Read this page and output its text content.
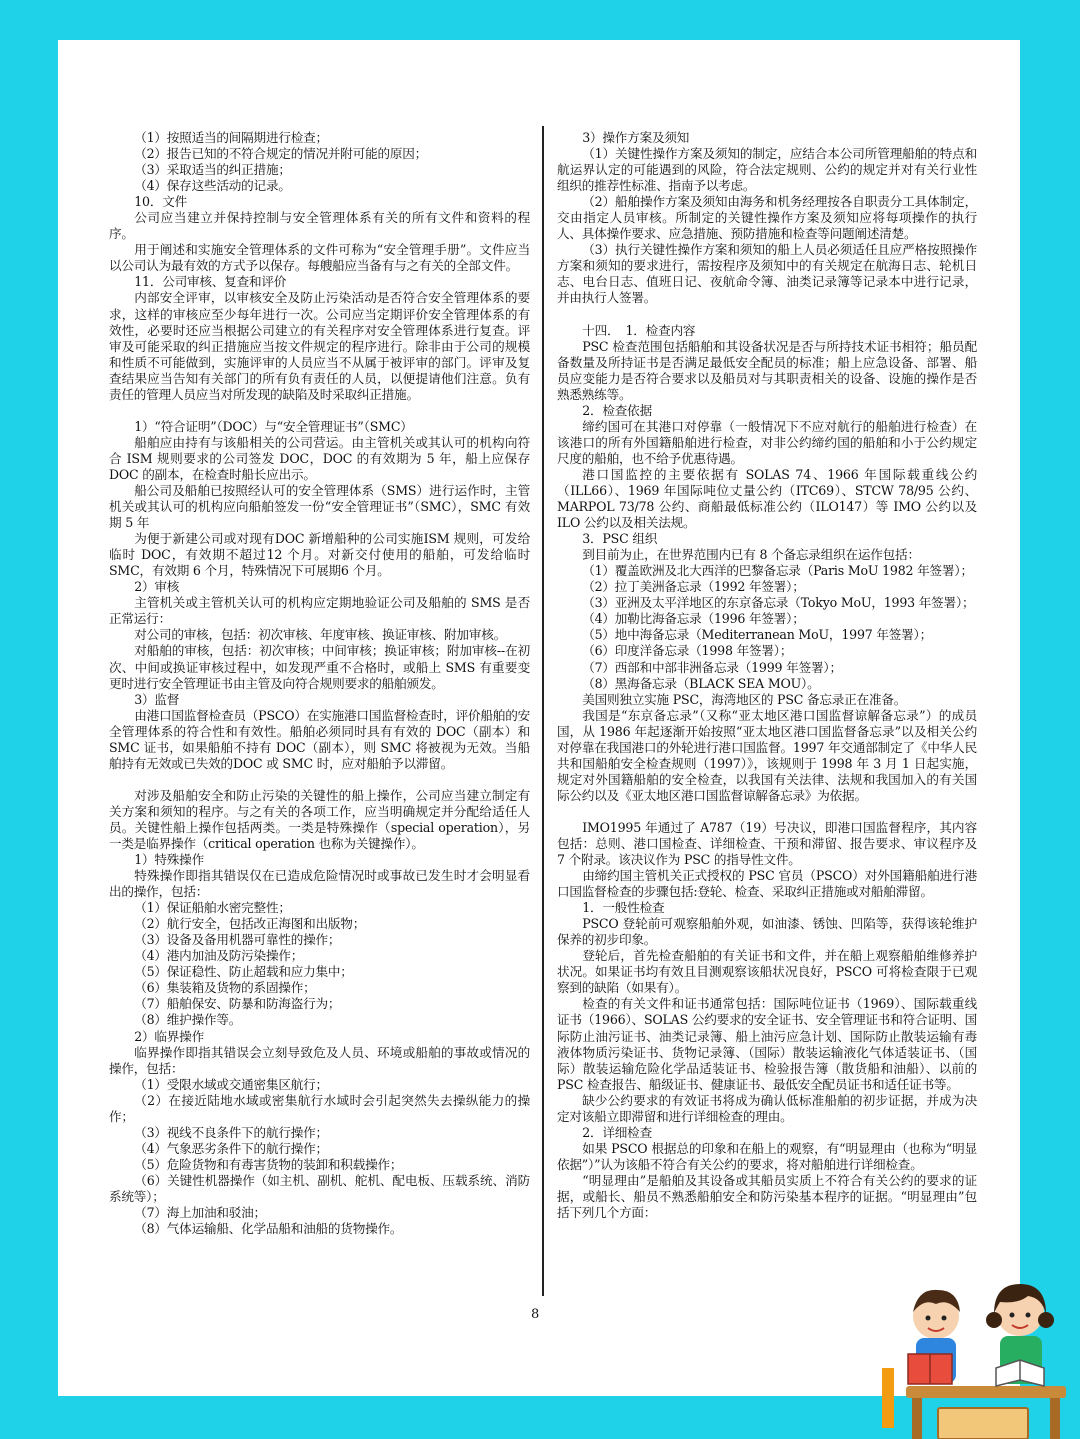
（1）按照适当的间隔期进行检查；

（2）报告已知的不符合规定的情况并附可能的原因；

（3）采取适当的纠正措施；

（4）保存这些活动的记录。

10．文件

公司应当建立并保持控制与安全管理体系有关的所有文件和资料的程序。

用于阐述和实施安全管理体系的文件可称为“安全管理手册”。文件应当以公司认为最有效的方式予以保存。每艘船应当备有与之有关的全部文件。

11．公司审核、复查和评价

内部安全评审，以审核安全及防止污染活动是否符合安全管理体系的要求，这样的审核应至少每年进行一次。公司应当定期评价安全管理体系的有效性，必要时还应当根据公司建立的有关程序对安全管理体系进行复查。评审及可能采取的纠正措施应当按文件规定的程序进行。除非由于公司的规模和性质不可能做到，实施评审的人员应当不从属于被评审的部门。评审及复查结果应当告知有关部门的所有负有责任的人员，以便提请他们注意。负有责任的管理人员应当对所发现的缺陷及时采取纠正措施。

1）“符合证明”（DOC）与“安全管理证书”（SMC）

船舶应由持有与该船相关的公司营运。由主管机关或其认可的机构向符合 ISM 规则要求的公司签发 DOC，DOC 的有效期为 5 年，船上应保存 DOC 的副本，在检查时船长应出示。

船公司及船舶已按照经认可的安全管理体系（SMS）进行运作时，主管机关或其认可的机构应向船舶签发一份“安全管理证书”（SMC），SMC 有效期 5 年

为便于新建公司或对现有DOC 新增船种的公司实施ISM 规则，可发给临时 DOC，有效期不超过12 个月。对新交付使用的船舶，可发给临时 SMC，有效期 6 个月，特殊情况下可展期6 个月。

2）审核

主管机关或主管机关认可的机构应定期地验证公司及船舶的 SMS 是否正常运行：

对公司的审核，包括：初次审核、年度审核、换证审核、附加审核。

对船舶的审核，包括：初次审核；中间审核；换证审核；附加审核--在初次、中间或换证审核过程中，如发现严重不合格时，或船上 SMS 有重要变更时进行安全管理证书由主管及向符合规则要求的船舶颁发。

3）监督

由港口国监督检查员（PSCO）在实施港口国监督检查时，评价船舶的安全管理体系的符合性和有效性。船舶必须同时具有有效的 DOC（副本）和 SMC 证书，如果船舶不持有 DOC（副本），则 SMC 将被视为无效。当船舶持有无效或已失效的DOC 或 SMC 时，应对船舶予以滞留。

对涉及船舶安全和防止污染的关键性的船上操作，公司应当建立制定有关方案和须知的程序。与之有关的各项工作，应当明确规定并分配给适任人员。关键性船上操作包括两类。一类是特殊操作（special operation），另一类是临界操作（critical operation 也称为关键操作）。

1）特殊操作

特殊操作即指其错误仅在已造成危险情况时或事故已发生时才会明显看出的操作，包括：

（1）保证船舶水密完整性；

（2）航行安全，包括改正海图和出版物；

（3）设备及备用机器可靠性的操作；

（4）港内加油及防污染操作；

（5）保证稳性、防止超载和应力集中；

（6）集装箱及货物的系固操作；

（7）船舶保安、防暴和防海盗行为；

（8）维护操作等。

2）临界操作

临界操作即指其错误会立刻导致危及人员、环境或船舶的事故或情况的操作，包括：

（1）受限水域或交通密集区航行；

（2）在接近陆地水域或密集航行水域时会引起突然失去操纵能力的操作；

（3）视线不良条件下的航行操作；

（4）气象恶劣条件下的航行操作；

（5）危险货物和有毒害货物的装卸和积载操作；

（6）关键性机器操作（如主机、副机、舵机、配电板、压载系统、消防系统等）；

（7）海上加油和驳油；

（8）气体运输船、化学品船和油船的货物操作。

3）操作方案及须知

（1）关键性操作方案及须知的制定，应结合本公司所管理船舶的特点和航运界认定的可能遇到的风险，符合法定规则、公约的规定并对有关行业性组织的推荐性标准、指南予以考虑。

（2）船舶操作方案及须知由海务和机务经理按各自职责分工具体制定，交由指定人员审核。所制定的关键性操作方案及须知应将每项操作的执行人、具体操作要求、应急措施、预防措施和检查等问题阐述清楚。

（3）执行关键性操作方案和须知的船上人员必须适任且应严格按照操作方案和须知的要求进行，需按程序及须知中的有关规定在航海日志、轮机日志、电台日志、值班日记、夜航命令簿、油类记录簿等记录本中进行记录，并由执行人签署。

十四．　1．检查内容

PSC 检查范围包括船舶和其设备状况是否与所持技术证书相符；船员配备数量及所持证书是否满足最低安全配员的标准；船上应急设备、部署、船员应变能力是否符合要求以及船员对与其职责相关的设备、设施的操作是否熟悉熟练等。

2．检查依据

缔约国可在其港口对停靠（一般情况下不应对航行的船舶进行检查）在该港口的所有外国籍船舶进行检查，对非公约缔约国的船舶和小于公约规定尺度的船舶，也不给予优惠待遇。

港口国监控的主要依据有 SOLAS 74、1966 年国际载重线公约（ILL66）、1969 年国际吨位丈量公约（ITC69）、STCW 78/95 公约、MARPOL 73/78 公约、商船最低标准公约（ILO147）等 IMO 公约以及 ILO 公约以及相关法规。

3．PSC 组织

到目前为止，在世界范围内已有 8 个备忘录组织在运作包括：

（1）覆盖欧洲及北大西洋的巴黎备忘录（Paris MoU 1982 年签署）；

（2）拉丁美洲备忘录（1992 年签署）；

（3）亚洲及太平洋地区的东京备忘录（Tokyo MoU，1993 年签署）；

（4）加勒比海备忘录（1996 年签署）；

（5）地中海备忘录（Mediterranean MoU，1997 年签署）；

（6）印度洋备忘录（1998 年签署）；

（7）西部和中部非洲备忘录（1999 年签署）；

（8）黑海备忘录（BLACK SEA MOU）。

美国则独立实施 PSC，海湾地区的 PSC 备忘录正在准备。

我国是“东京备忘录”（又称“亚太地区港口国监督谅解备忘录”）的成员国，从 1986 年起逐渐开始按照“亚太地区港口国监督备忘录”以及相关公约对停靠在我国港口的外轮进行港口国监督。1997 年交通部制定了《中华人民共和国船舶安全检查规则（1997）》，该规则于 1998 年 3 月 1 日起实施，规定对外国籍船舶的安全检查，以我国有关法律、法规和我国加入的有关国际公约以及《亚太地区港口国监督谅解备忘录》为依据。

IMO1995 年通过了 A787（19）号决议，即港口国监督程序，其内容包括：总则、港口国检查、详细检查、干预和滞留、报告要求、审议程序及 7 个附录。该决议作为 PSC 的指导性文件。

由缔约国主管机关正式授权的 PSC 官员（PSCO）对外国籍船舶进行港口国监督检查的步骤包括:登轮、检查、采取纠正措施或对船舶滞留。

1．一般性检查

PSCO 登轮前可观察船舶外观，如油漆、锈蚀、凹陷等，获得该轮维护保养的初步印象。

登轮后，首先检查船舶的有关证书和文件，并在船上观察船舶维修养护状况。如果证书均有效且目测观察该船状况良好，PSCO 可将检查限于已观察到的缺陷（如果有）。

检查的有关文件和证书通常包括：国际吨位证书（1969）、国际载重线证书（1966）、SOLAS 公约要求的安全证书、安全管理证书和符合证明、国际防止油污证书、油类记录簿、船上油污应急计划、国际防止散装运输有毒液体物质污染证书、货物记录簿、（国际）散装运输液化气体适装证书、（国际）散装运输危险化学品适装证书、检验报告簿（散货船和油船）、以前的 PSC 检查报告、船级证书、健康证书、最低安全配员证书和适任证书等。

缺少公约要求的有效证书将成为确认低标准船舶的初步证据，并成为决定对该船立即滞留和进行详细检查的理由。

2．详细检查

如果 PSCO 根据总的印象和在船上的观察，有“明显理由（也称为“明显依据”）”认为该船不符合有关公约的要求，将对船舶进行详细检查。

“明显理由”是船舶及其设备或其船员实质上不符合有关公约的要求的证据，或船长、船员不熟悉船舶安全和防污染基本程序的证据。“明显理由”包括下列几个方面：

8
